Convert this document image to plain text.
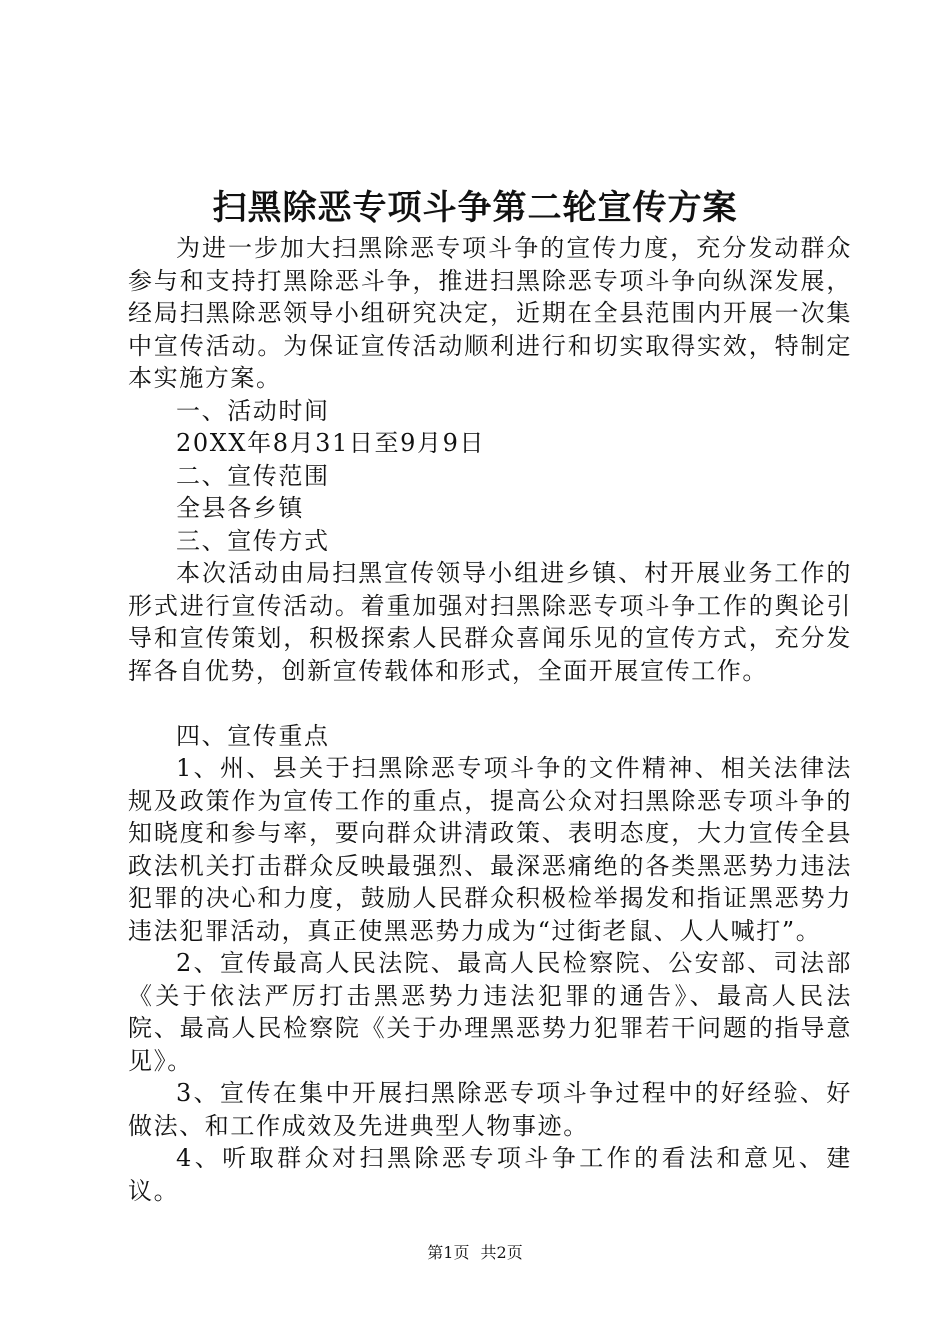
扫黑除恶专项斗争第二轮宣传方案

为进一步加大扫黑除恶专项斗争的宣传力度，充分发动群众参与和支持打黑除恶斗争，推进扫黑除恶专项斗争向纵深发展，经局扫黑除恶领导小组研究决定，近期在全县范围内开展一次集中宣传活动。为保证宣传活动顺利进行和切实取得实效，特制定本实施方案。

一、活动时间

20XX年8月31日至9月9日

二、宣传范围

全县各乡镇

三、宣传方式

本次活动由局扫黑宣传领导小组进乡镇、村开展业务工作的形式进行宣传活动。着重加强对扫黑除恶专项斗争工作的舆论引导和宣传策划，积极探索人民群众喜闻乐见的宣传方式，充分发挥各自优势，创新宣传载体和形式，全面开展宣传工作。

四、宣传重点

1、州、县关于扫黑除恶专项斗争的文件精神、相关法律法规及政策作为宣传工作的重点，提高公众对扫黑除恶专项斗争的知晓度和参与率，要向群众讲清政策、表明态度，大力宣传全县政法机关打击群众反映最强烈、最深恶痛绝的各类黑恶势力违法犯罪的决心和力度，鼓励人民群众积极检举揭发和指证黑恶势力违法犯罪活动，真正使黑恶势力成为“过街老鼠、人人喊打”。

2、宣传最高人民法院、最高人民检察院、公安部、司法部《关于依法严厉打击黑恶势力违法犯罪的通告》、最高人民法院、最高人民检察院《关于办理黑恶势力犯罪若干问题的指导意见》。

3、宣传在集中开展扫黑除恶专项斗争过程中的好经验、好做法、和工作成效及先进典型人物事迹。

4、听取群众对扫黑除恶专项斗争工作的看法和意见、建议。

第1页 共2页
